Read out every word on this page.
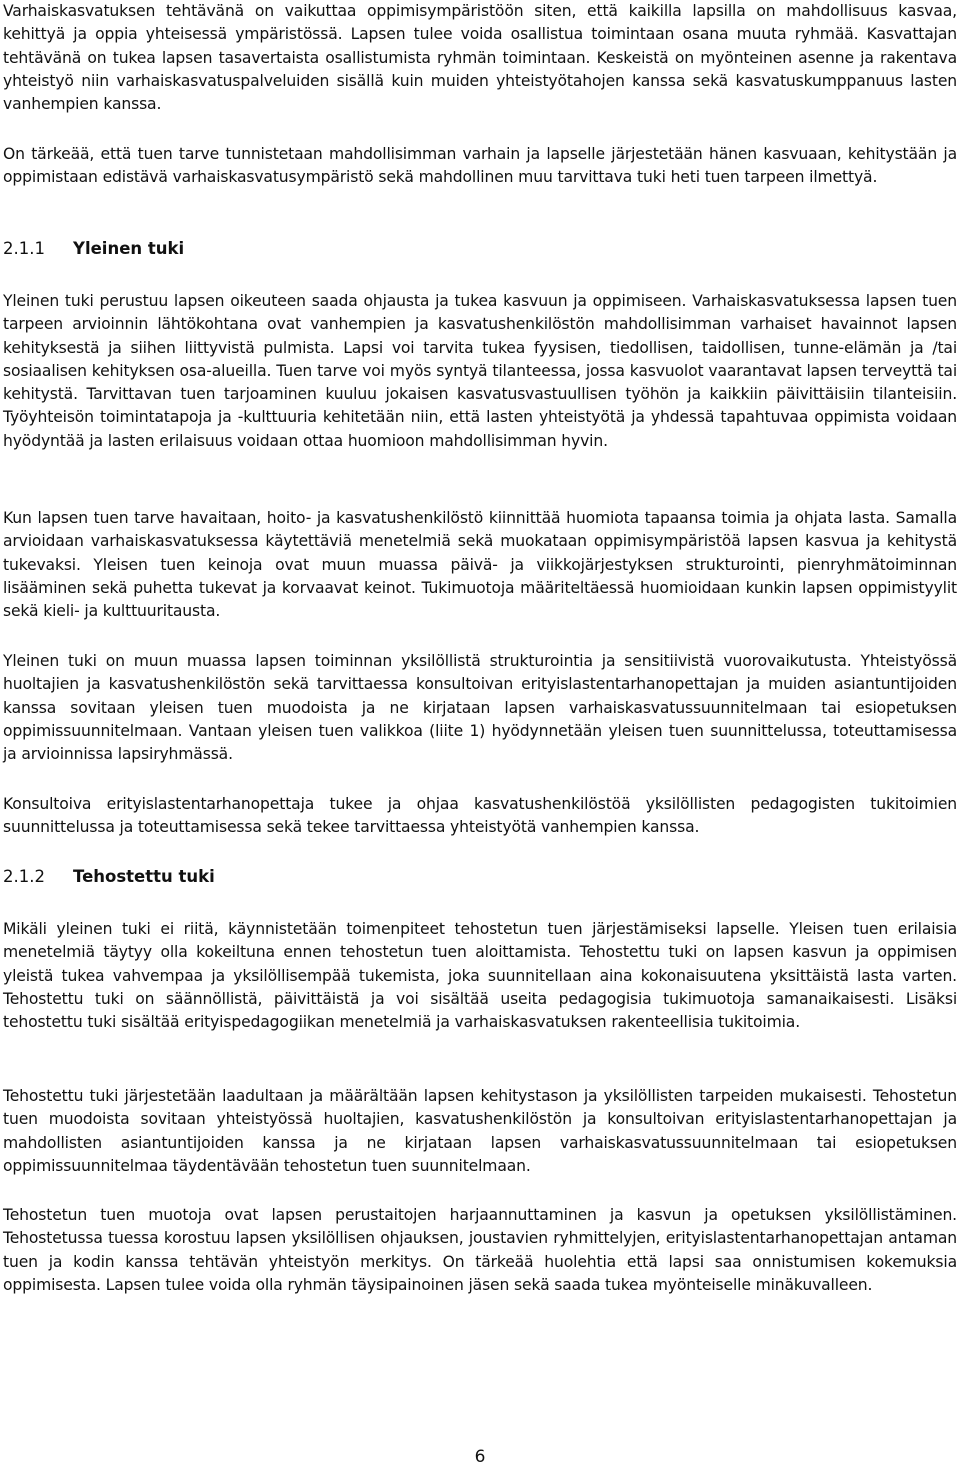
Varhaiskasvatuksen tehtävänä on vaikuttaa oppimisympäristöön siten, että kaikilla lapsilla on mahdollisuus kasvaa, kehittyä ja oppia yhteisessä ympäristössä. Lapsen tulee voida osallistua toimintaan osana muuta ryhmää. Kasvattajan tehtävänä on tukea lapsen tasavertaista osallistumista ryhmän toimintaan. Keskeistä on myönteinen asenne ja rakentava yhteistyö niin varhaiskasvatuspalveluiden sisällä kuin muiden yhteistyötahojen kanssa sekä kasvatuskumppanuus lasten vanhempien kanssa.

On tärkeää, että tuen tarve tunnistetaan mahdollisimman varhain ja lapselle järjestetään hänen kasvuaan, kehitystään ja oppimistaan edistävä varhaiskasvatusympäristö sekä mahdollinen muu tarvittava tuki heti tuen tarpeen ilmettyä.

2.1.1 Yleinen tuki

Yleinen tuki perustuu lapsen oikeuteen saada ohjausta ja tukea kasvuun ja oppimiseen. Varhaiskasvatuksessa lapsen tuen tarpeen arvioinnin lähtökohtana ovat vanhempien ja kasvatushenkilöstön mahdollisimman varhaiset havainnot lapsen kehityksestä ja siihen liittyvistä pulmista. Lapsi voi tarvita tukea fyysisen, tiedollisen, taidollisen, tunne-elämän ja /tai sosiaalisen kehityksen osa-alueilla. Tuen tarve voi myös syntyä tilanteessa, jossa kasvuolot vaarantavat lapsen terveyttä tai kehitystä. Tarvittavan tuen tarjoaminen kuuluu jokaisen kasvatusvastuullisen työhön ja kaikkiin päivittäisiin tilanteisiin. Työyhteisön toimintatapoja ja -kulttuuria kehitetään niin, että lasten yhteistyötä ja yhdessä tapahtuvaa oppimista voidaan hyödyntää ja lasten erilaisuus voidaan ottaa huomioon mahdollisimman hyvin.

Kun lapsen tuen tarve havaitaan, hoito- ja kasvatushenkilöstö kiinnittää huomiota tapaansa toimia ja ohjata lasta. Samalla arvioidaan varhaiskasvatuksessa käytettäviä menetelmiä sekä muokataan oppimisympäristöä lapsen kasvua ja kehitystä tukevaksi. Yleisen tuen keinoja ovat muun muassa päivä- ja viikkojärjestyksen strukturointi, pienryhmätoiminnan lisääminen sekä puhetta tukevat ja korvaavat keinot. Tukimuotoja määriteltäessä huomioidaan kunkin lapsen oppimistyylit sekä kieli- ja kulttuuritausta.

Yleinen tuki on muun muassa lapsen toiminnan yksilöllistä strukturointia ja sensitiivistä vuorovaikutusta. Yhteistyössä huoltajien ja kasvatushenkilöstön sekä tarvittaessa konsultoivan erityislastentarhanopettajan ja muiden asiantuntijoiden kanssa sovitaan yleisen tuen muodoista ja ne kirjataan lapsen varhaiskasvatussuunnitelmaan tai esiopetuksen oppimissuunnitelmaan. Vantaan yleisen tuen valikkoa (liite 1) hyödynnetään yleisen tuen suunnittelussa, toteuttamisessa ja arvioinnissa lapsiryhmässä.

Konsultoiva erityislastentarhanopettaja tukee ja ohjaa kasvatushenkilöstöä yksilöllisten pedagogisten tukitoimien suunnittelussa ja toteuttamisessa sekä tekee tarvittaessa yhteistyötä vanhempien kanssa.

2.1.2 Tehostettu tuki

Mikäli yleinen tuki ei riitä, käynnistetään toimenpiteet tehostetun tuen järjestämiseksi lapselle. Yleisen tuen erilaisia menetelmiä täytyy olla kokeiltuna ennen tehostetun tuen aloittamista. Tehostettu tuki on lapsen kasvun ja oppimisen yleistä tukea vahvempaa ja yksilöllisempää tukemista, joka suunnitellaan aina kokonaisuutena yksittäistä lasta varten. Tehostettu tuki on säännöllistä, päivittäistä ja voi sisältää useita pedagogisia tukimuotoja samanaikaisesti. Lisäksi tehostettu tuki sisältää erityispedagogiikan menetelmiä ja varhaiskasvatuksen rakenteellisia tukitoimia.

Tehostettu tuki järjestetään laadultaan ja määrältään lapsen kehitystason ja yksilöllisten tarpeiden mukaisesti. Tehostetun tuen muodoista sovitaan yhteistyössä huoltajien, kasvatushenkilöstön ja konsultoivan erityislastentarhanopettajan ja mahdollisten asiantuntijoiden kanssa ja ne kirjataan lapsen varhaiskasvatussuunnitelmaan tai esiopetuksen oppimissuunnitelmaa täydentävään tehostetun tuen suunnitelmaan.

Tehostetun tuen muotoja ovat lapsen perustaitojen harjaannuttaminen ja kasvun ja opetuksen yksilöllistäminen. Tehostetussa tuessa korostuu lapsen yksilöllisen ohjauksen, joustavien ryhmittelyjen, erityislastentarhanopettajan antaman tuen ja kodin kanssa tehtävän yhteistyön merkitys. On tärkeää huolehtia että lapsi saa onnistumisen kokemuksia oppimisesta. Lapsen tulee voida olla ryhmän täysipainoinen jäsen sekä saada tukea myönteiselle minäkuvalleen.

6
